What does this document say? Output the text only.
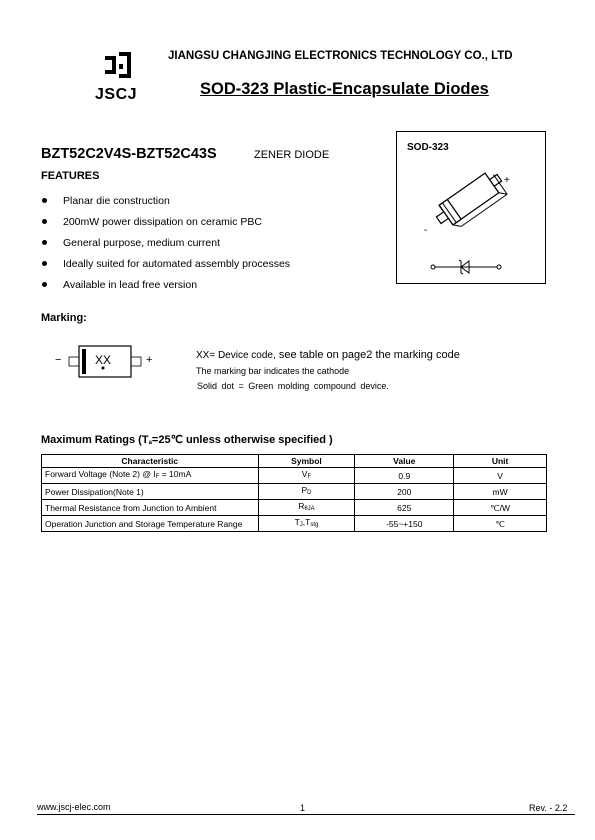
JSCJ
JIANGSU CHANGJING ELECTRONICS TECHNOLOGY CO., LTD
SOD-323 Plastic-Encapsulate Diodes
BZT52C2V4S-BZT52C43S	ZENER DIODE
FEATURES
Planar die construction
200mW power dissipation on ceramic PBC
General purpose, medium current
Ideally suited for automated assembly processes
Available in lead free version
SOD-323
+
-
Marking:
XX
−	+	XX= Device code, see table on page2 the marking code
The marking bar indicates the cathode
Solid dot = Green molding compound device.
Maximum Ratings ($T_a=25℃$ unless otherwise specified )
Characteristic	Symbol	Value	Unit
Forward Voltage (Note 2) @ $I_F = 10mA$	$V_F$	0.9	V
Power Dissipation(Note 1)	$P_D$	200	mW
Thermal Resistance from Junction to Ambient	$R_{\theta JA}$	625	℃/W
Operation Junction and Storage Temperature Range	$T_J,T_{stg}$	-55~+150	℃
www.jscj-elec.com	1	Rev. - 2.2
